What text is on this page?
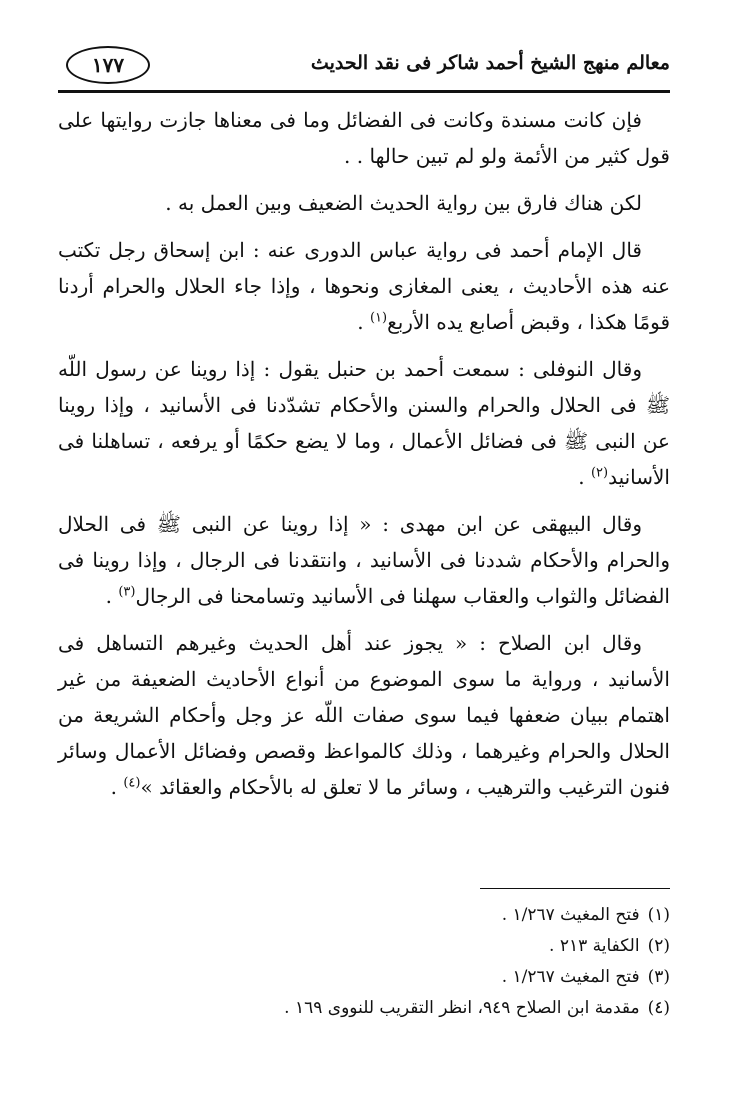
معالم منهج الشيخ أحمد شاكر فى نقد الحديث
١٧٧

فإن كانت مسندة وكانت فى الفضائل وما فى معناها جازت روايتها على قول كثير من الأئمة ولو لم تبين حالها . .

لكن هناك فارق بين رواية الحديث الضعيف وبين العمل به .

قال الإمام أحمد فى رواية عباس الدورى عنه : ابن إسحاق رجل تكتب عنه هذه الأحاديث ، يعنى المغازى ونحوها ، وإذا جاء الحلال والحرام أردنا قومًا هكذا ، وقبض أصابع يده الأربع$^{(١)}$ .

وقال النوفلى : سمعت أحمد بن حنبل يقول : إذا روينا عن رسول اللّه ﷺ فى الحلال والحرام والسنن والأحكام تشدّدنا فى الأسانيد ، وإذا روينا عن النبى ﷺ فى فضائل الأعمال ، وما لا يضع حكمًا أو يرفعه ، تساهلنا فى الأسانيد$^{(٢)}$ .

وقال البيهقى عن ابن مهدى : « إذا روينا عن النبى ﷺ فى الحلال والحرام والأحكام شددنا فى الأسانيد ، وانتقدنا فى الرجال ، وإذا روينا فى الفضائل والثواب والعقاب سهلنا فى الأسانيد وتسامحنا فى الرجال$^{(٣)}$ .

وقال ابن الصلاح : « يجوز عند أهل الحديث وغيرهم التساهل فى الأسانيد ، ورواية ما سوى الموضوع من أنواع الأحاديث الضعيفة من غير اهتمام ببيان ضعفها فيما سوى صفات اللّه عز وجل وأحكام الشريعة من الحلال والحرام وغيرهما ، وذلك كالمواعظ وقصص وفضائل الأعمال وسائر فنون الترغيب والترهيب ، وسائر ما لا تعلق له بالأحكام والعقائد »$^{(٤)}$ .

(١)فتح المغيث ١/٢٦٧ .
(٢)الكفاية ٢١٣ .
(٣)فتح المغيث ١/٢٦٧ .
(٤)مقدمة ابن الصلاح ٩٤٩، انظر التقريب للنووى ١٦٩ .
